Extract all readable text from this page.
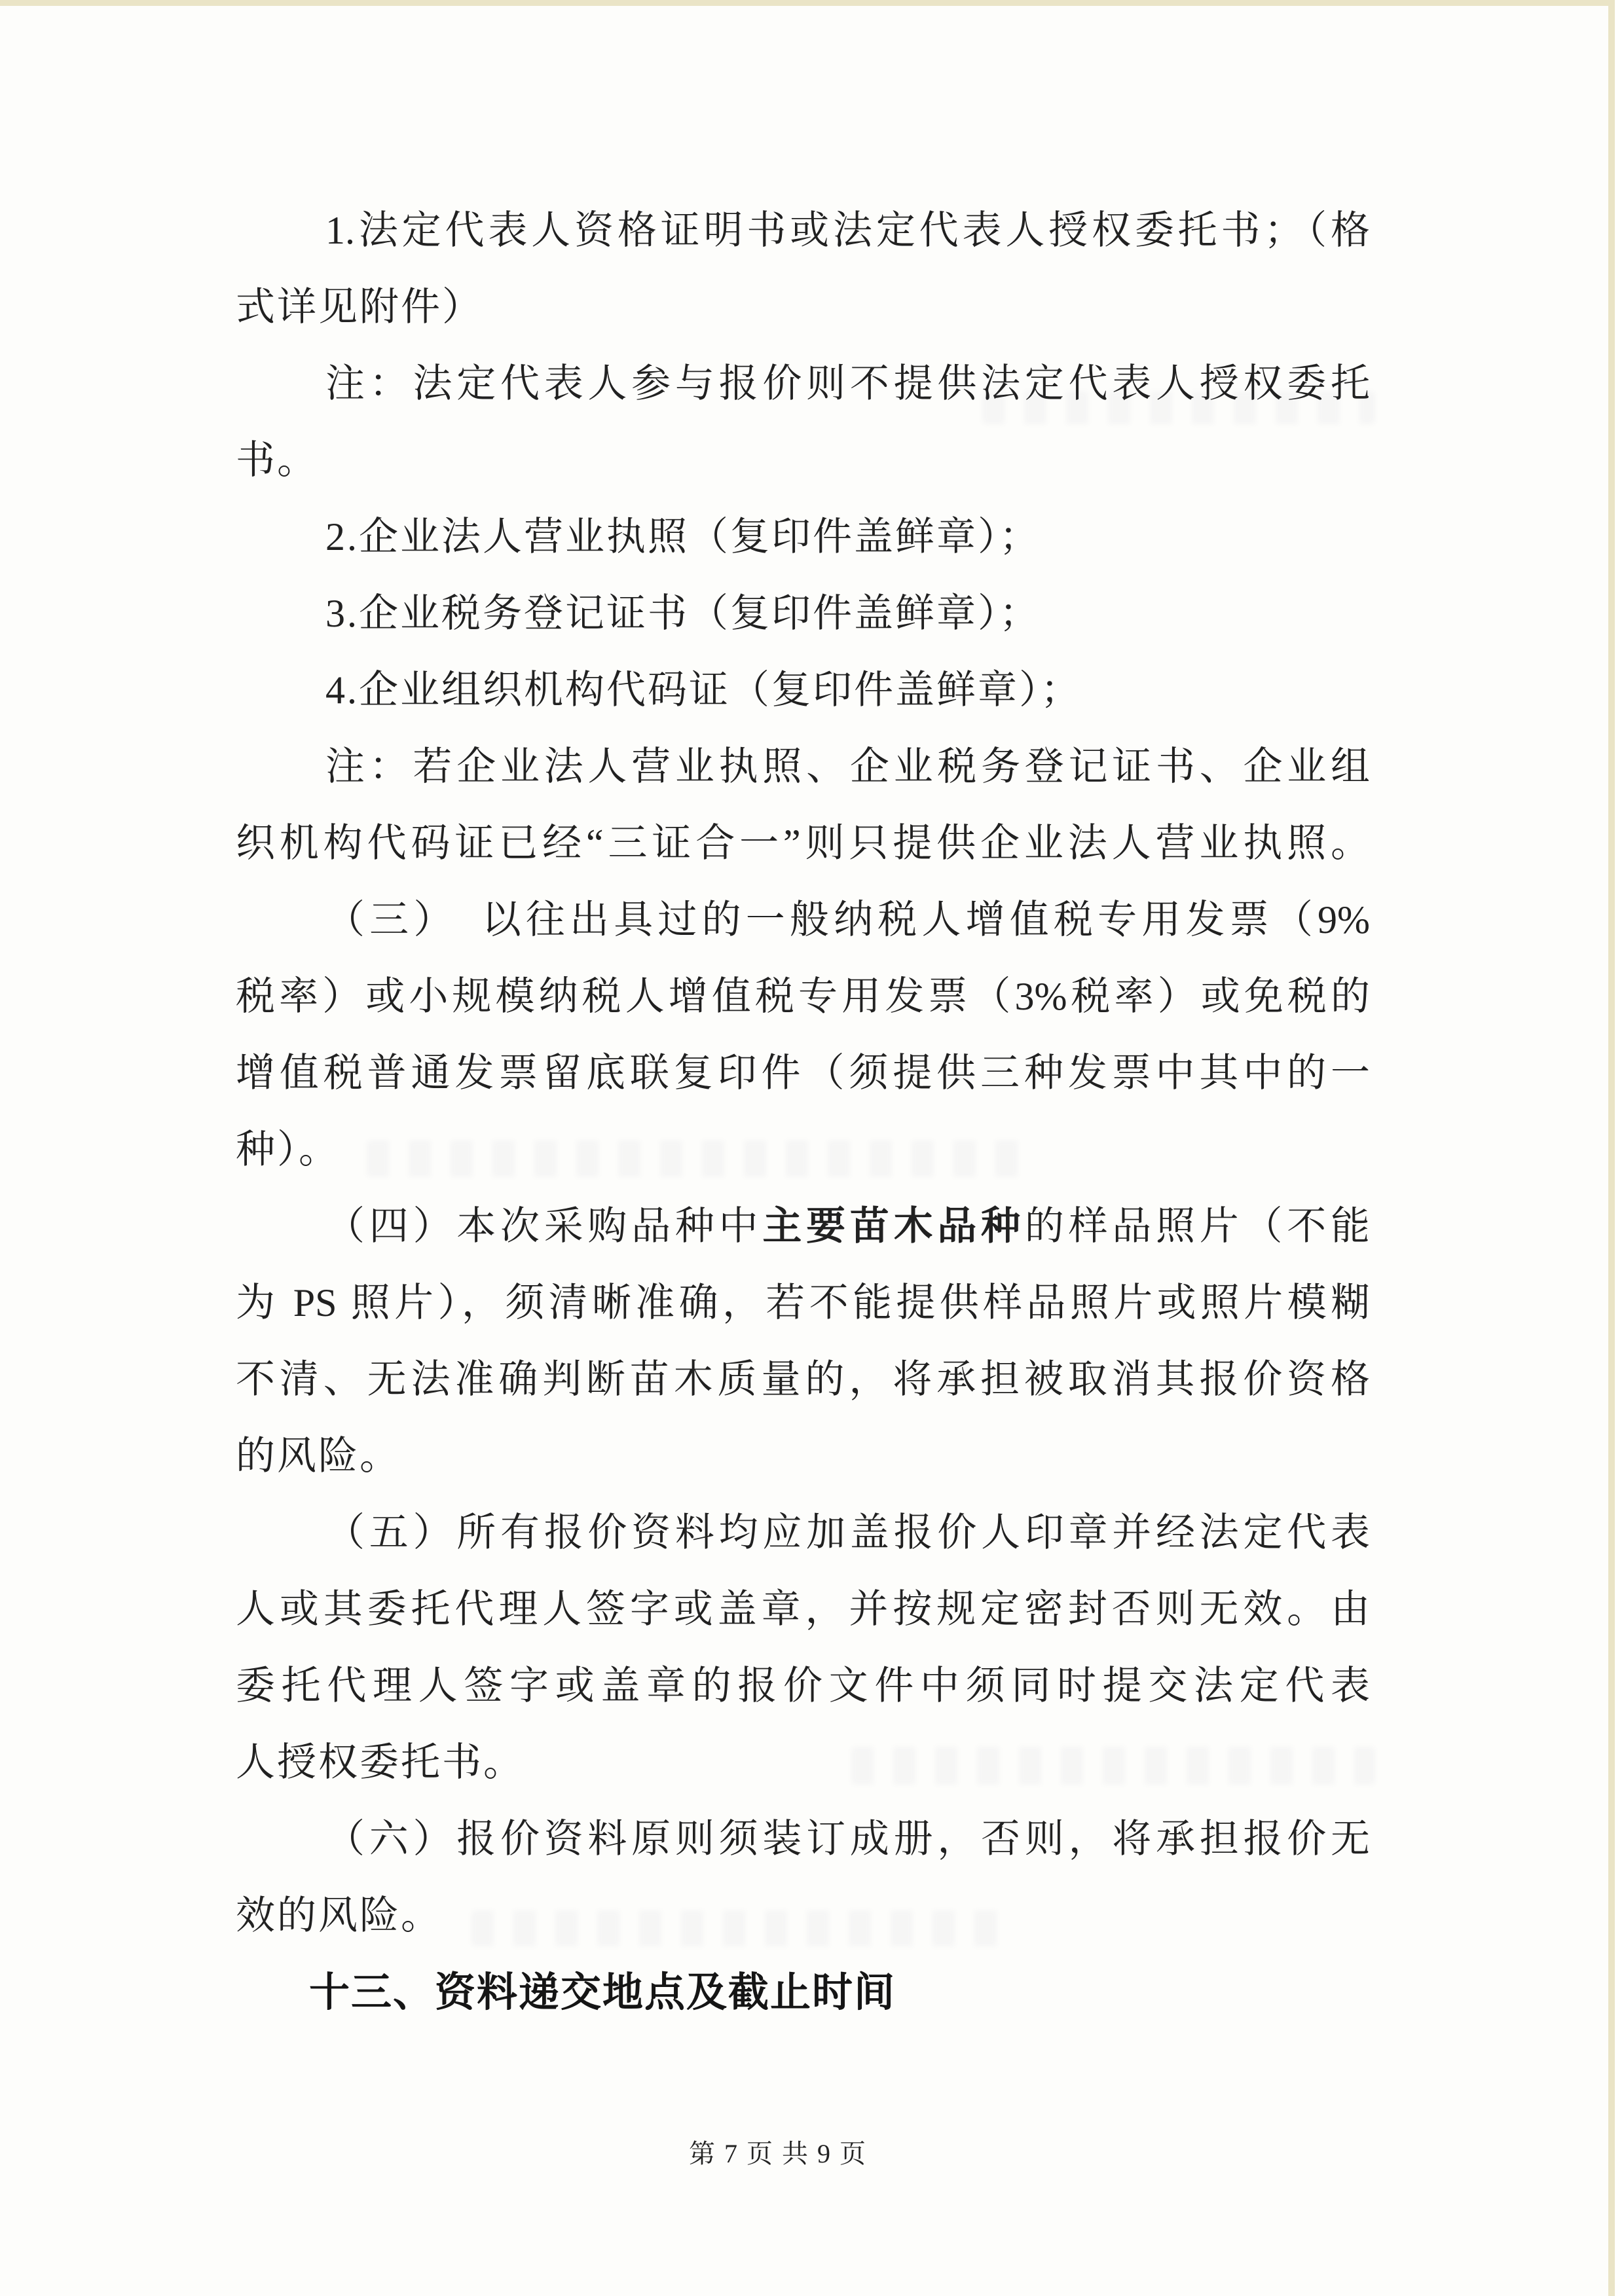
1.法定代表人资格证明书或法定代表人授权委托书；（格
式详见附件）
注：法定代表人参与报价则不提供法定代表人授权委托
书。
2.企业法人营业执照（复印件盖鲜章）；
3.企业税务登记证书（复印件盖鲜章）；
4.企业组织机构代码证（复印件盖鲜章）；
注：若企业法人营业执照、企业税务登记证书、企业组
织机构代码证已经“三证合一”则只提供企业法人营业执照。
（三）　以往出具过的一般纳税人增值税专用发票（9%
税率）或小规模纳税人增值税专用发票（3%税率）或免税的
增值税普通发票留底联复印件（须提供三种发票中其中的一
种）。
（四）本次采购品种中主要苗木品种的样品照片（不能
为 PS 照片），须清晰准确，若不能提供样品照片或照片模糊
不清、无法准确判断苗木质量的，将承担被取消其报价资格
的风险。
（五）所有报价资料均应加盖报价人印章并经法定代表
人或其委托代理人签字或盖章，并按规定密封否则无效。由
委托代理人签字或盖章的报价文件中须同时提交法定代表
人授权委托书。
（六）报价资料原则须装订成册，否则，将承担报价无
效的风险。
十三、资料递交地点及截止时间
第 7 页 共 9 页
